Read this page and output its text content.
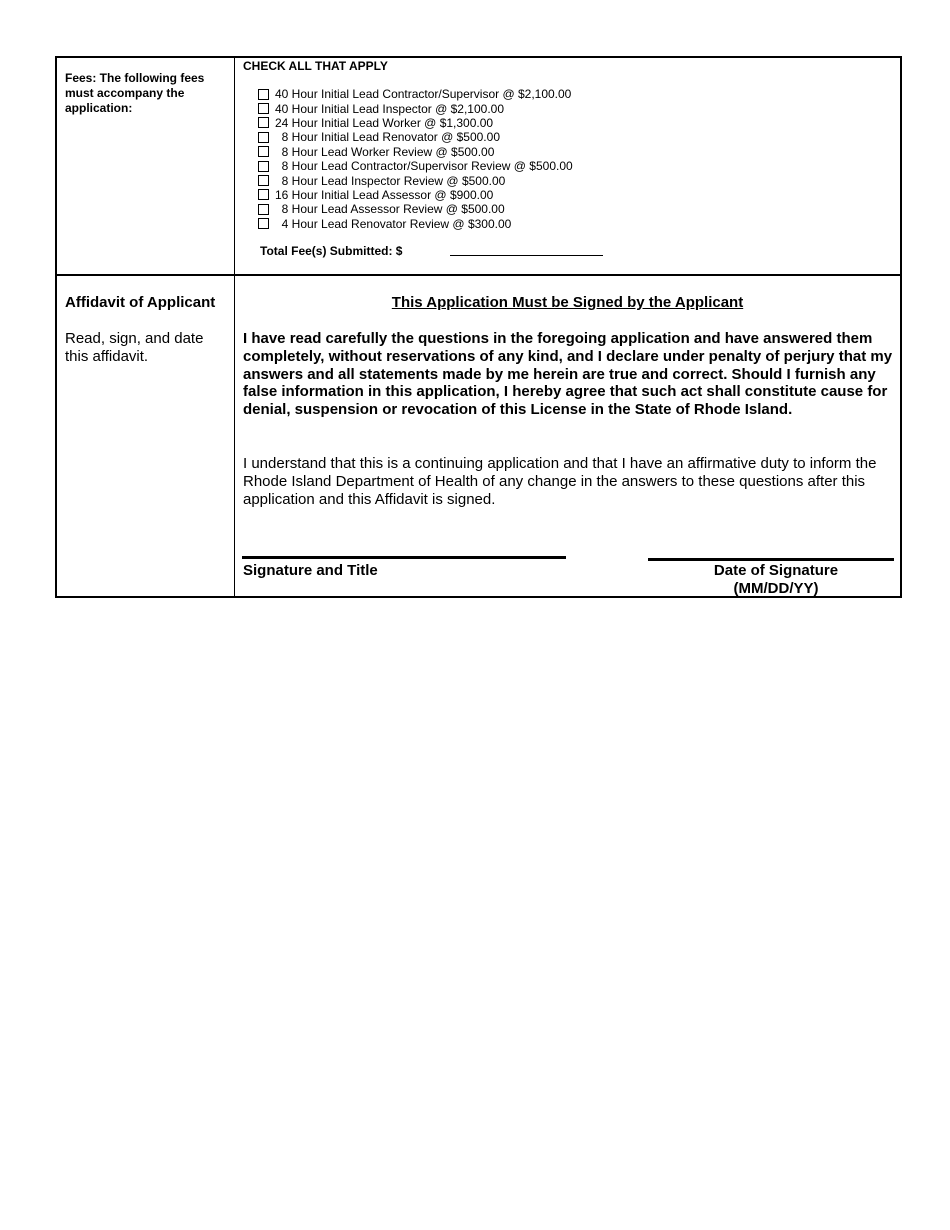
Fees: The following fees must accompany the application:
CHECK ALL THAT APPLY
40 Hour Initial Lead Contractor/Supervisor @ $2,100.00
40 Hour Initial Lead Inspector @ $2,100.00
24 Hour Initial Lead Worker @ $1,300.00
8 Hour Initial Lead Renovator @ $500.00
8 Hour Lead Worker Review @ $500.00
8 Hour Lead Contractor/Supervisor Review @ $500.00
8 Hour Lead Inspector Review @ $500.00
16 Hour Initial Lead Assessor @ $900.00
8 Hour Lead Assessor Review @ $500.00
4 Hour Lead Renovator Review @ $300.00
Total Fee(s) Submitted: $
Affidavit of Applicant
Read, sign, and date this affidavit.
This Application Must be Signed by the Applicant

I have read carefully the questions in the foregoing application and have answered them completely, without reservations of any kind, and I declare under penalty of perjury that my answers and all statements made by me herein are true and correct. Should I furnish any false information in this application, I hereby agree that such act shall constitute cause for denial, suspension or revocation of this License in the State of Rhode Island.

I understand that this is a continuing application and that I have an affirmative duty to inform the Rhode Island Department of Health of any change in the answers to these questions after this application and this Affidavit is signed.

Signature and Title	Date of Signature
(MM/DD/YY)
